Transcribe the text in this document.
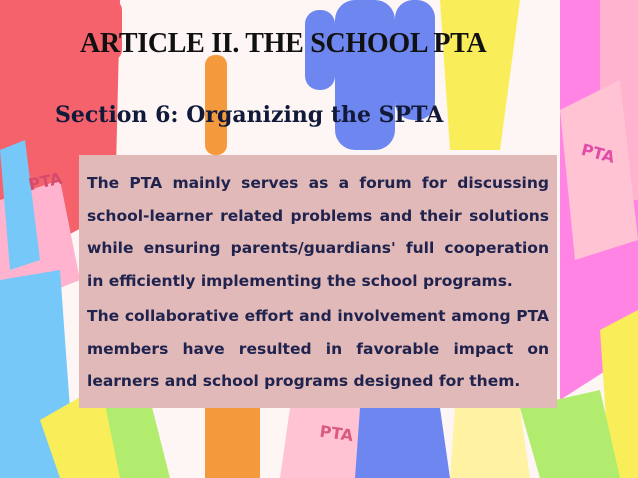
PTA
PTA
PTA
ARTICLE II. THE SCHOOL PTA
Section 6: Organizing the SPTA

The PTA mainly serves as a forum for discussing school-learner related problems and their solutions while ensuring parents/guardians' full cooperation in efficiently implementing the school programs.

The collaborative effort and involvement among PTA members have resulted in favorable impact on learners and school programs designed for them.
